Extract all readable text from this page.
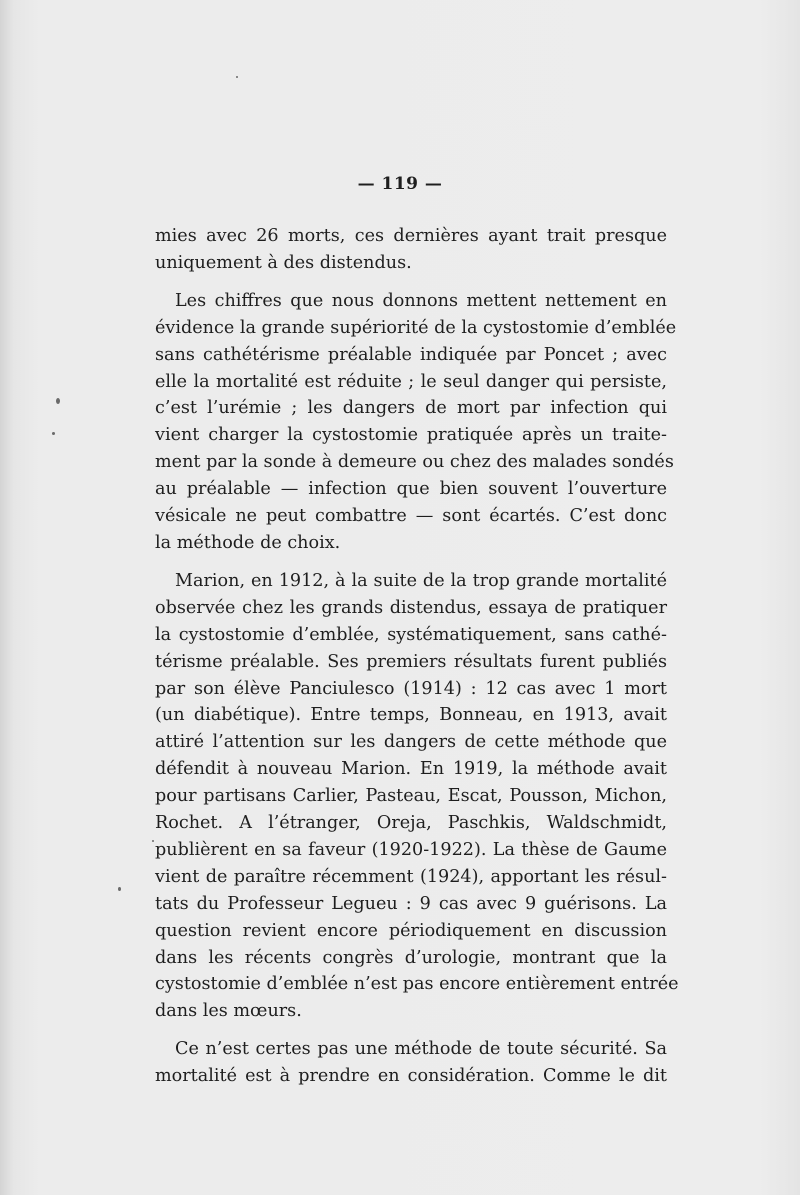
— 119 —
mies avec 26 morts, ces dernières ayant trait presque
uniquement à des distendus.
Les chiffres que nous donnons mettent nettement en
évidence la grande supériorité de la cystostomie d’emblée
sans cathétérisme préalable indiquée par Poncet ; avec
elle la mortalité est réduite ; le seul danger qui persiste,
c’est l’urémie ; les dangers de mort par infection qui
vient charger la cystostomie pratiquée après un traite-
ment par la sonde à demeure ou chez des malades sondés
au préalable — infection que bien souvent l’ouverture
vésicale ne peut combattre — sont écartés. C’est donc
la méthode de choix.
Marion, en 1912, à la suite de la trop grande mortalité
observée chez les grands distendus, essaya de pratiquer
la cystostomie d’emblée, systématiquement, sans cathé-
térisme préalable. Ses premiers résultats furent publiés
par son élève Panciulesco (1914) : 12 cas avec 1 mort
(un diabétique). Entre temps, Bonneau, en 1913, avait
attiré l’attention sur les dangers de cette méthode que
défendit à nouveau Marion. En 1919, la méthode avait
pour partisans Carlier, Pasteau, Escat, Pousson, Michon,
Rochet. A l’étranger, Oreja, Paschkis, Waldschmidt,
publièrent en sa faveur (1920-1922). La thèse de Gaume
vient de paraître récemment (1924), apportant les résul-
tats du Professeur Legueu : 9 cas avec 9 guérisons. La
question revient encore périodiquement en discussion
dans les récents congrès d’urologie, montrant que la
cystostomie d’emblée n’est pas encore entièrement entrée
dans les mœurs.
Ce n’est certes pas une méthode de toute sécurité. Sa
mortalité est à prendre en considération. Comme le dit
